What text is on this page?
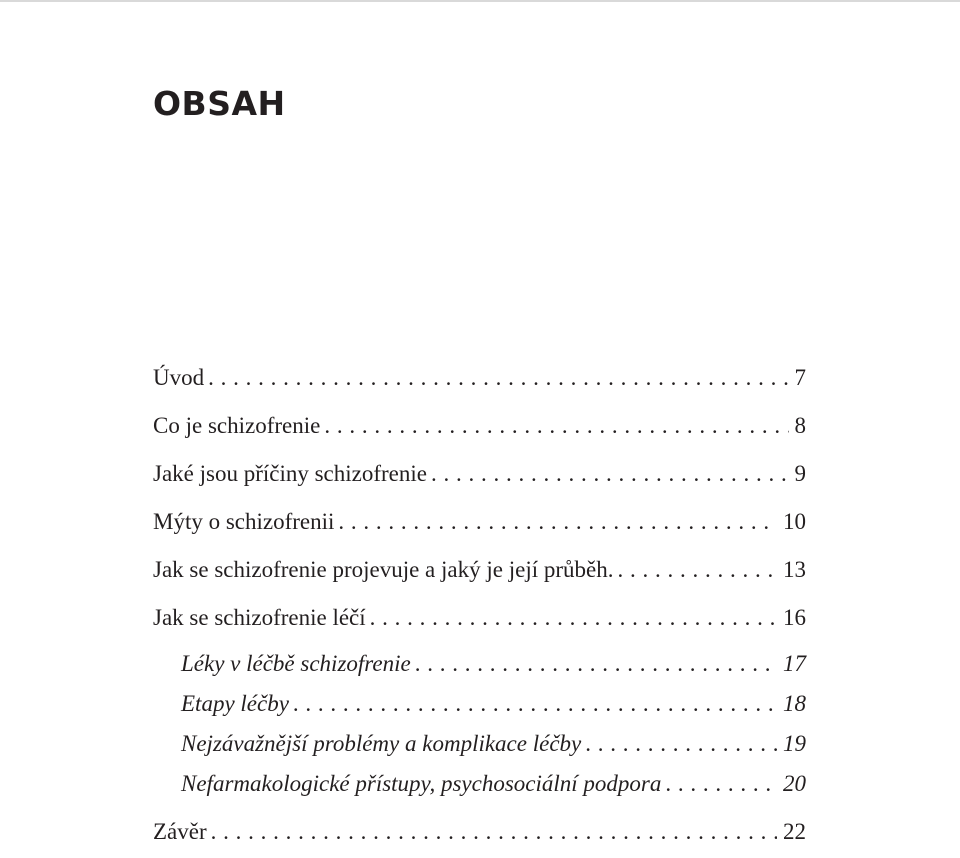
OBSAH
Úvod . . .	7
Co je schizofrenie . . .	8
Jaké jsou příčiny schizofrenie . . .	9
Mýty o schizofrenii . . .	10
Jak se schizofrenie projevuje a jaký je její průběh. . . .	13
Jak se schizofrenie léčí . . .	16
Léky v léčbě schizofrenie . . .	17
Etapy léčby . . .	18
Nejzávažnější problémy a komplikace léčby . . .	19
Nefarmakologické přístupy, psychosociální podpora . . .	20
Závěr . . .	22
